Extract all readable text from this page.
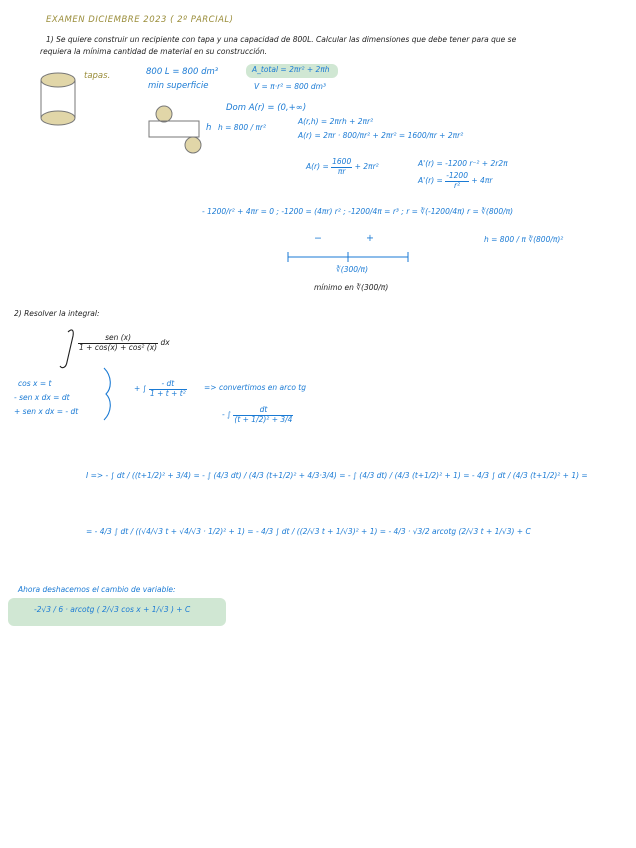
EXAMEN DICIEMBRE 2023 ( 2º PARCIAL)
1) Se quiere construir un recipiente con tapa y una capacidad de 800L. Calcular las dimensiones que debe tener para que se
requiera la mínima cantidad de material en su construcción.
tapas.	800 L = 800 dm³
min superficie
A_total = 2πr² + 2πh
V = π·r² = 800 dm³
Dom A(r) = (0,+∞)
h h = 800 / πr²
A(r,h) = 2πrh + 2πr²
A(r) = 2πr · 800/πr² + 2πr² = 1600/πr + 2πr²
$A(r) = \frac{1600}{\pi r} + 2\pi r^2$	A'(r) = -1200 r⁻² + 2r2π
$A'(r) = \frac{-1200}{\text{r²}} + 4\pi r$
- 1200/r² + 4πr = 0 ; -1200 = (4πr) r² ; -1200/4π = r³ ; r = ∛(-1200/4π) r = ∛(800/π)
h = 800 / π ∛(800/π)²
−	+
∛(300/π)
mínimo en ∛(300/π)
2) Resolver la integral:
$\frac{\text{sen (x)}}{\text{1 + cos(x) + cos² (x)}}$ dx
cos x = t
- sen x dx = dt
+ sen x dx = - dt
+ ∫ $\frac{- dt}{\text{1 + t + t²}}$ => convertimos en arco tg
- ∫ $\frac{dt}{\text{(t + 1/2)² + 3/4}}$
I => - ∫ dt / ((t+1/2)² + 3/4) = - ∫ (4/3 dt) / (4/3 (t+1/2)² + 4/3·3/4) = - ∫ (4/3 dt) / (4/3 (t+1/2)² + 1) = - 4/3 ∫ dt / (4/3 (t+1/2)² + 1) =
= - 4/3 ∫ dt / ((√4/√3 t + √4/√3 · 1/2)² + 1) = - 4/3 ∫ dt / ((2/√3 t + 1/√3)² + 1) = - 4/3 · √3/2 arcotg (2/√3 t + 1/√3) + C
Ahora deshacemos el cambio de variable:
-2√3 / 6 · arcotg ( 2/√3 cos x + 1/√3 ) + C
